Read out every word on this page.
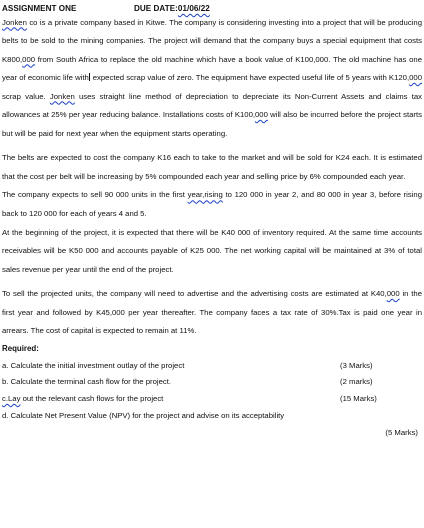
ASSIGNMENT ONE	DUE DATE:01/06/22

Jonken co is a private company based in Kitwe. The company is considering investing into a project that will be producing belts to be sold to the mining companies. The project will demand that the company buys a special equipment that costs K800,000 from South Africa to replace the old machine which have a book value of K100,000. The old machine has one year of economic life with expected scrap value of zero. The equipment have expected useful life of 5 years with K120,000 scrap value. Jonken uses straight line method of depreciation to depreciate its Non-Current Assets and claims tax allowances at 25% per year reducing balance. Installations costs of K100,000 will also be incurred before the project starts but will be paid for next year when the equipment starts operating.

The belts are expected to cost the company K16 each to take to the market and will be sold for K24 each. It is estimated that the cost per belt will be increasing by 5% compounded each year and selling price by 6% compounded each year.

The company expects to sell 90 000 units in the first year,rising to 120 000 in year 2, and 80 000 in year 3, before rising back to 120 000 for each of years 4 and 5.

At the beginning of the project, it is expected that there will be K40 000 of inventory required. At the same time accounts receivables will be K50 000 and accounts payable of K25 000. The net working capital will be maintained at 3% of total sales revenue per year until the end of the project.

To sell the projected units, the company will need to advertise and the advertising costs are estimated at K40,000 in the first year and followed by K45,000 per year thereafter. The company faces a tax rate of 30%.Tax is paid one year in arrears. The cost of capital is expected to remain at 11%.

Required:
a. Calculate the initial investment outlay of the project	(3 Marks)
b. Calculate the terminal cash flow for the project.	(2 marks)
c.Lay out the relevant cash flows for the project	(15 Marks)
d. Calculate Net Present Value (NPV) for the project and advise on its acceptability
(5 Marks)
